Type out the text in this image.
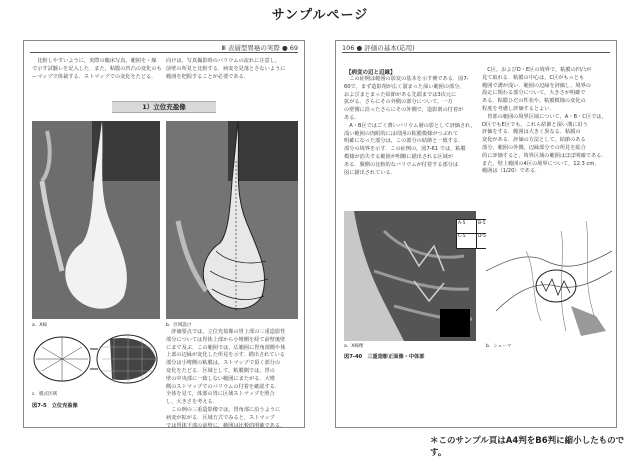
サンプルページ
Ⅲ 表層型胃癌の実際 ● 69
　比較しやすいように，実際の臨床写真，範囲を・線
で示す試験レを記入した．また，粘膜の凹凸の変化のも
ーマップで体裁する．ストマップでの変化をたどる．
向けは，写真撮影時のバリウムの流れに注意し，
前壁の所見と比較する．病変を見落とさないように
範囲を把握することが必要である．
1）立位充盈像
a．X線	b．区域設け
c．模式区域
図7-5　立位充盈像
　評価要点では，立位充盈像の胃上部の三重造影性
部分については胃体上部から小彎側を経て前壁後壁
にまで及ぶ．この範囲では，広範囲に胃角部側や体
上部の辺縁が変化した所見を示す．描出されている
部分は小彎側の粘膜は，ストマップで頂く部分の
変化をたどる．区域として，粘膜側では，胃の
壁の中央部に一致しない範囲にまたがる．大彎
側のストマップでのバリウムの付着を確認する．
全体を見て，体部の胃に区域ストマップを照合
し，大きさを考える．
　この例の三重造影像では，胃角部に沿うように
病変が拡がる．区域方式でみると，ストマップ
では胃体下部の前壁に，範囲は比較的明確である．
106 ● 評価の基本(応用)
【病変の辺と辺縁】
　この症例は範囲の影変の基本を示す例である．図7-
60で，まず造影剤が広く溜まった深い範囲の部分，
およびまとまった結節がある先端までは3次元に
拡がる．さらにその外側の部分について，一方
の壁側に沿ったさらにその外側で，造影剤の付着が
ある．
　A・B区ではごく薄いバリウム層の影として評価され，
浅い範囲の肉眼的には周囲の粘膜模様がつぶれて
明確になった部分は，この部分の結節と一致する．
部分の境界を示す．この症例の，図7-61 では，粘膜
模様が消失する範囲が明瞭に描出される区域が
ある．腹側の比較的なバリウムが付着する部分は
図に描出されている．
　C区，およびD・E区の境界で，粘膜の凹凸が
見て取れる．粘膜の中心は，C区がもっとも
範囲で溝が浅い．範囲の辺縁を評価し，境界の
設定に関わる部分について，大きさが明確で
ある．粘膜ひだの性状や，粘膜模様の変化の
程度を考慮し評価するとよい．
　胃部の範囲の境界区域について，A・B・C区では，
D区でもE区でも，これら結節と深い溝に沿う
評価をする．範囲は大きく異なる．粘膜の
変化がある．評価の方法として，結節のある
部分，範囲の外側，辺縁部分での所見を総合
的に評価すると，境界区域の範囲はほぼ明確である．
また，壁上範囲の4区の境界について，12.3 cm，
範囲は（1/20）である．
a．X線像
A-5	B-5
C-5	D-5
b．シェーマ
図7-40　三重造影正面像・中体部
＊このサンプル頁はA4判をB6判に縮小したものです。
